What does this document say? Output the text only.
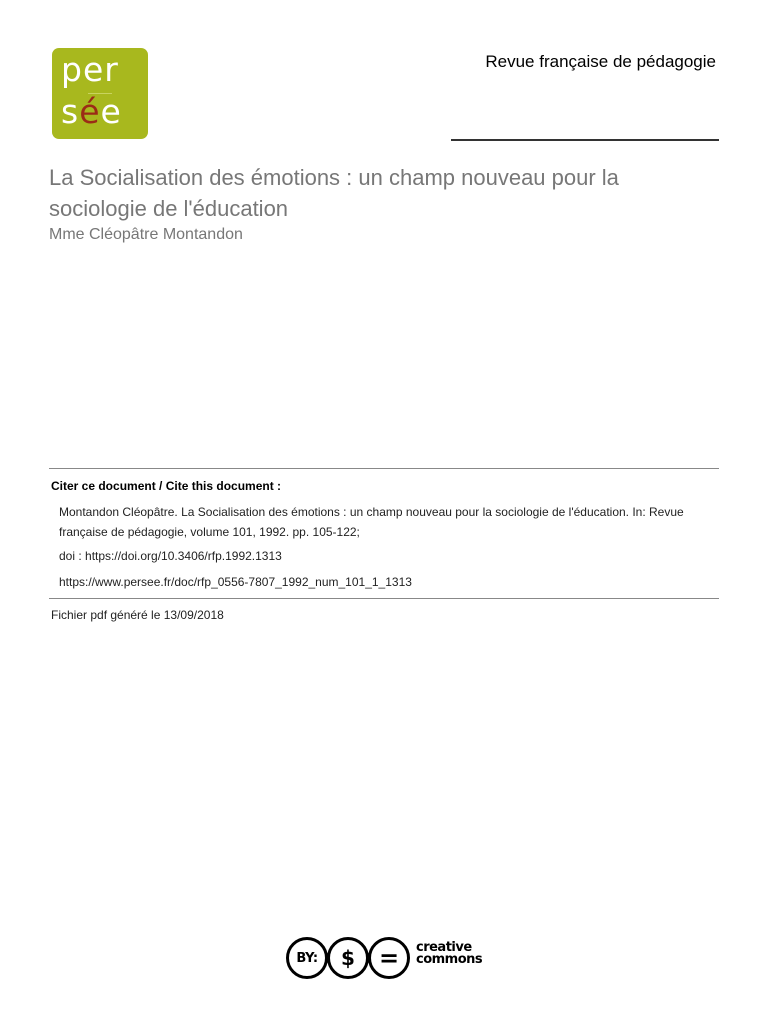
per
sée
Revue française de pédagogie
La Socialisation des émotions : un champ nouveau pour la sociologie de l'éducation
Mme Cléopâtre Montandon
Citer ce document / Cite this document :
Montandon Cléopâtre. La Socialisation des émotions : un champ nouveau pour la sociologie de l'éducation. In: Revue française de pédagogie, volume 101, 1992. pp. 105-122;
doi : https://doi.org/10.3406/rfp.1992.1313
https://www.persee.fr/doc/rfp_0556-7807_1992_num_101_1_1313
Fichier pdf généré le 13/09/2018
BY:	$ =	creative
commons
